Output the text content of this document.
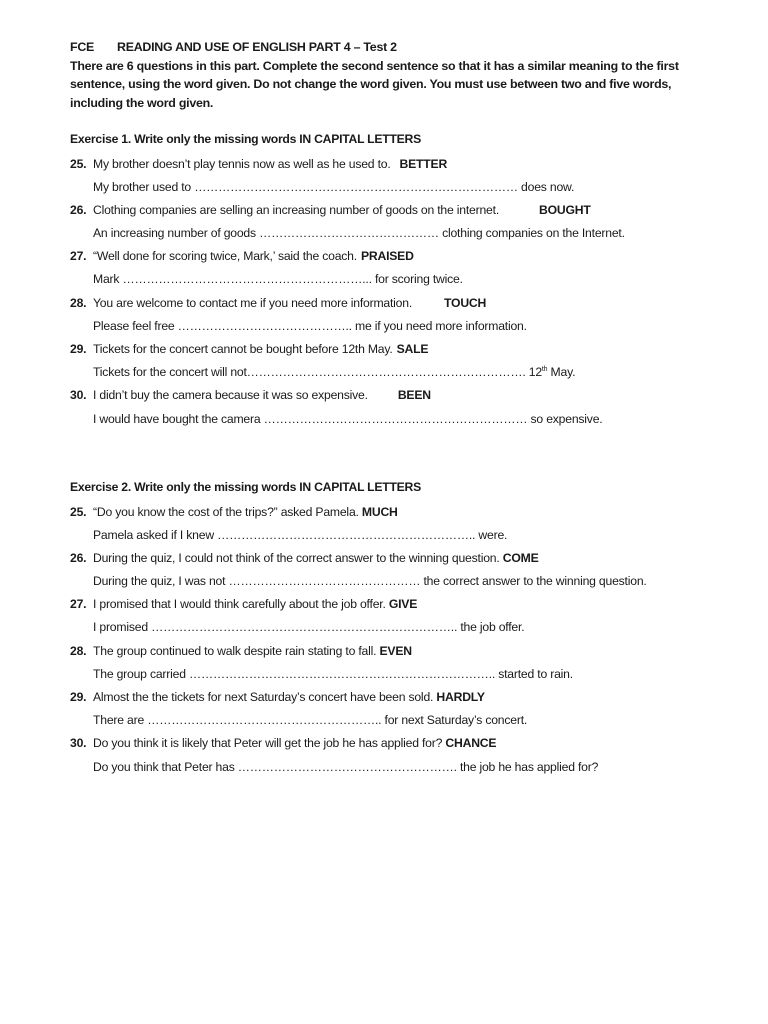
FCE READING AND USE OF ENGLISH PART 4 – Test 2
There are 6 questions in this part. Complete the second sentence so that it has a similar meaning to the first
sentence, using the word given. Do not change the word given. You must use between two and five words,
including the word given.
Exercise 1. Write only the missing words IN CAPITAL LETTERS
25. My brother doesn’t play tennis now as well as he used to. BETTER
My brother used to ……………………………………………………………………… does now.
26. Clothing companies are selling an increasing number of goods on the internet.	BOUGHT
An increasing number of goods ……………………………………… clothing companies on the Internet.
27. “Well done for scoring twice, Mark,’ said the coach. PRAISED
Mark ……………………………………………………... for scoring twice.
28. You are welcome to contact me if you need more information.	TOUCH
Please feel free …………………………………….. me if you need more information.
29. Tickets for the concert cannot be bought before 12th May. SALE
Tickets for the concert will not……………………………………………………………. 12th May.
30. I didn’t buy the camera because it was so expensive. BEEN
I would have bought the camera ………………………………………………………… so expensive.
Exercise 2. Write only the missing words IN CAPITAL LETTERS
25. “Do you know the cost of the trips?” asked Pamela. MUCH
Pamela asked if I knew ……………………………………………………….. were.
26. During the quiz, I could not think of the correct answer to the winning question. COME
During the quiz, I was not ………………………………………… the correct answer to the winning question.
27. I promised that I would think carefully about the job offer. GIVE
I promised ………………………………………………………………….. the job offer.
28. The group continued to walk despite rain stating to fall. EVEN
The group carried ………………………………………………………………….. started to rain.
29. Almost the the tickets for next Saturday’s concert have been sold. HARDLY
There are ………………………………………………….. for next Saturday’s concert.
30. Do you think it is likely that Peter will get the job he has applied for? CHANCE
Do you think that Peter has ………………………………………………. the job he has applied for?
